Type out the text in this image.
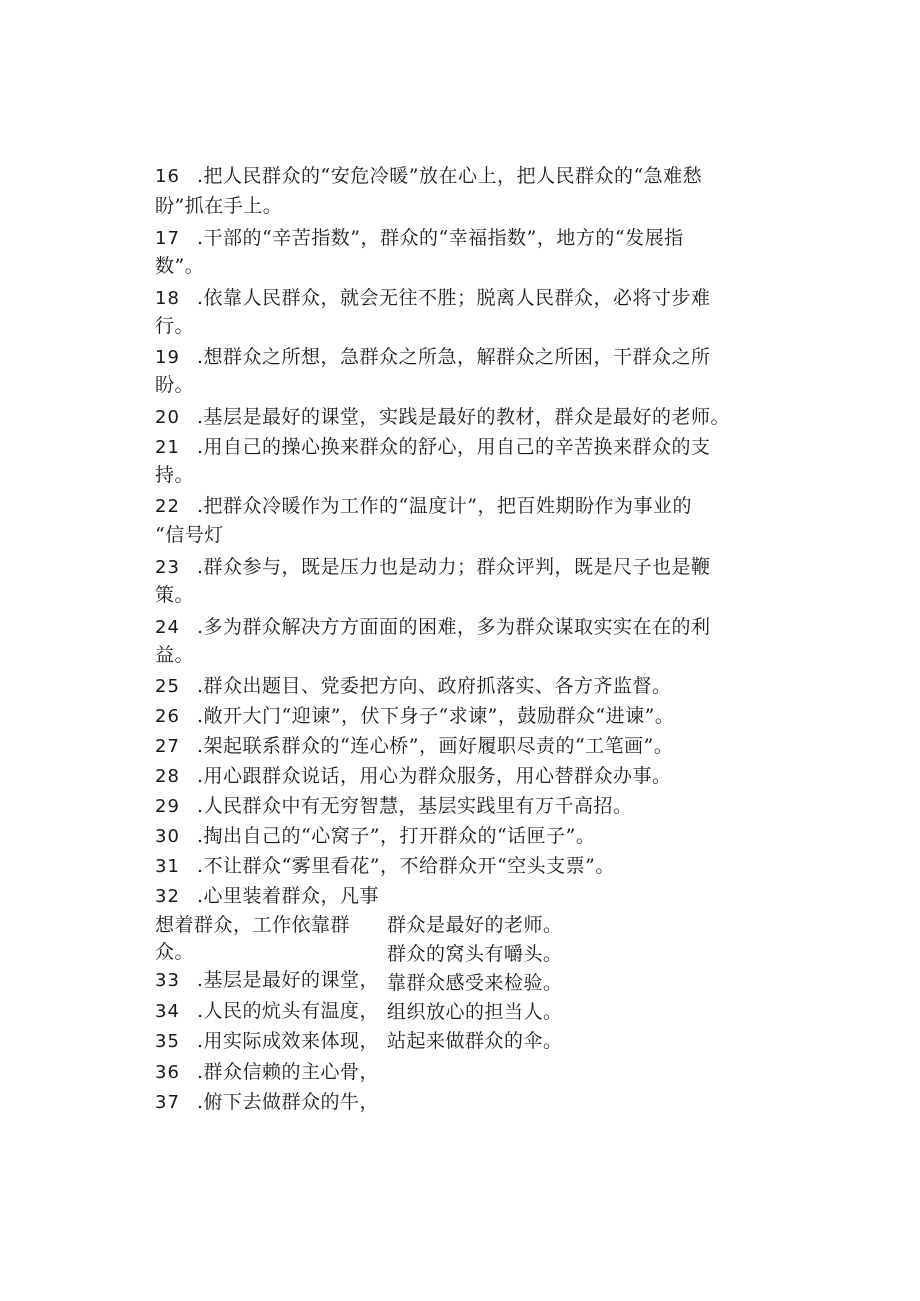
16 .把人民群众的“安危冷暖”放在心上，把人民群众的“急难愁
盼”抓在手上。
17 .干部的“辛苦指数”，群众的“幸福指数”，地方的“发展指
数”。
18 .依靠人民群众，就会无往不胜；脱离人民群众，必将寸步难
行。
19 .想群众之所想，急群众之所急，解群众之所困，干群众之所
盼。
20 .基层是最好的课堂，实践是最好的教材，群众是最好的老师。
21 .用自己的操心换来群众的舒心，用自己的辛苦换来群众的支
持。
22 .把群众冷暖作为工作的“温度计”，把百姓期盼作为事业的
“信号灯
23 .群众参与，既是压力也是动力；群众评判，既是尺子也是鞭
策。
24 .多为群众解决方方面面的困难，多为群众谋取实实在在的利
益。
25 .群众出题目、党委把方向、政府抓落实、各方齐监督。
26 .敞开大门“迎谏”，伏下身子“求谏”，鼓励群众“进谏”。
27 .架起联系群众的“连心桥”，画好履职尽责的“工笔画”。
28 .用心跟群众说话，用心为群众服务，用心替群众办事。
29 .人民群众中有无穷智慧，基层实践里有万千高招。
30 .掏出自己的“心窝子”，打开群众的“话匣子”。
31 .不让群众“雾里看花”，不给群众开“空头支票”。
32 .心里装着群众，凡事
想着群众，工作依靠群
众。
33 .基层是最好的课堂，
34 .人民的炕头有温度，
35 .用实际成效来体现，
36 .群众信赖的主心骨，
37 .俯下去做群众的牛，
群众是最好的老师。
群众的窝头有嚼头。
靠群众感受来检验。
组织放心的担当人。
站起来做群众的伞。
